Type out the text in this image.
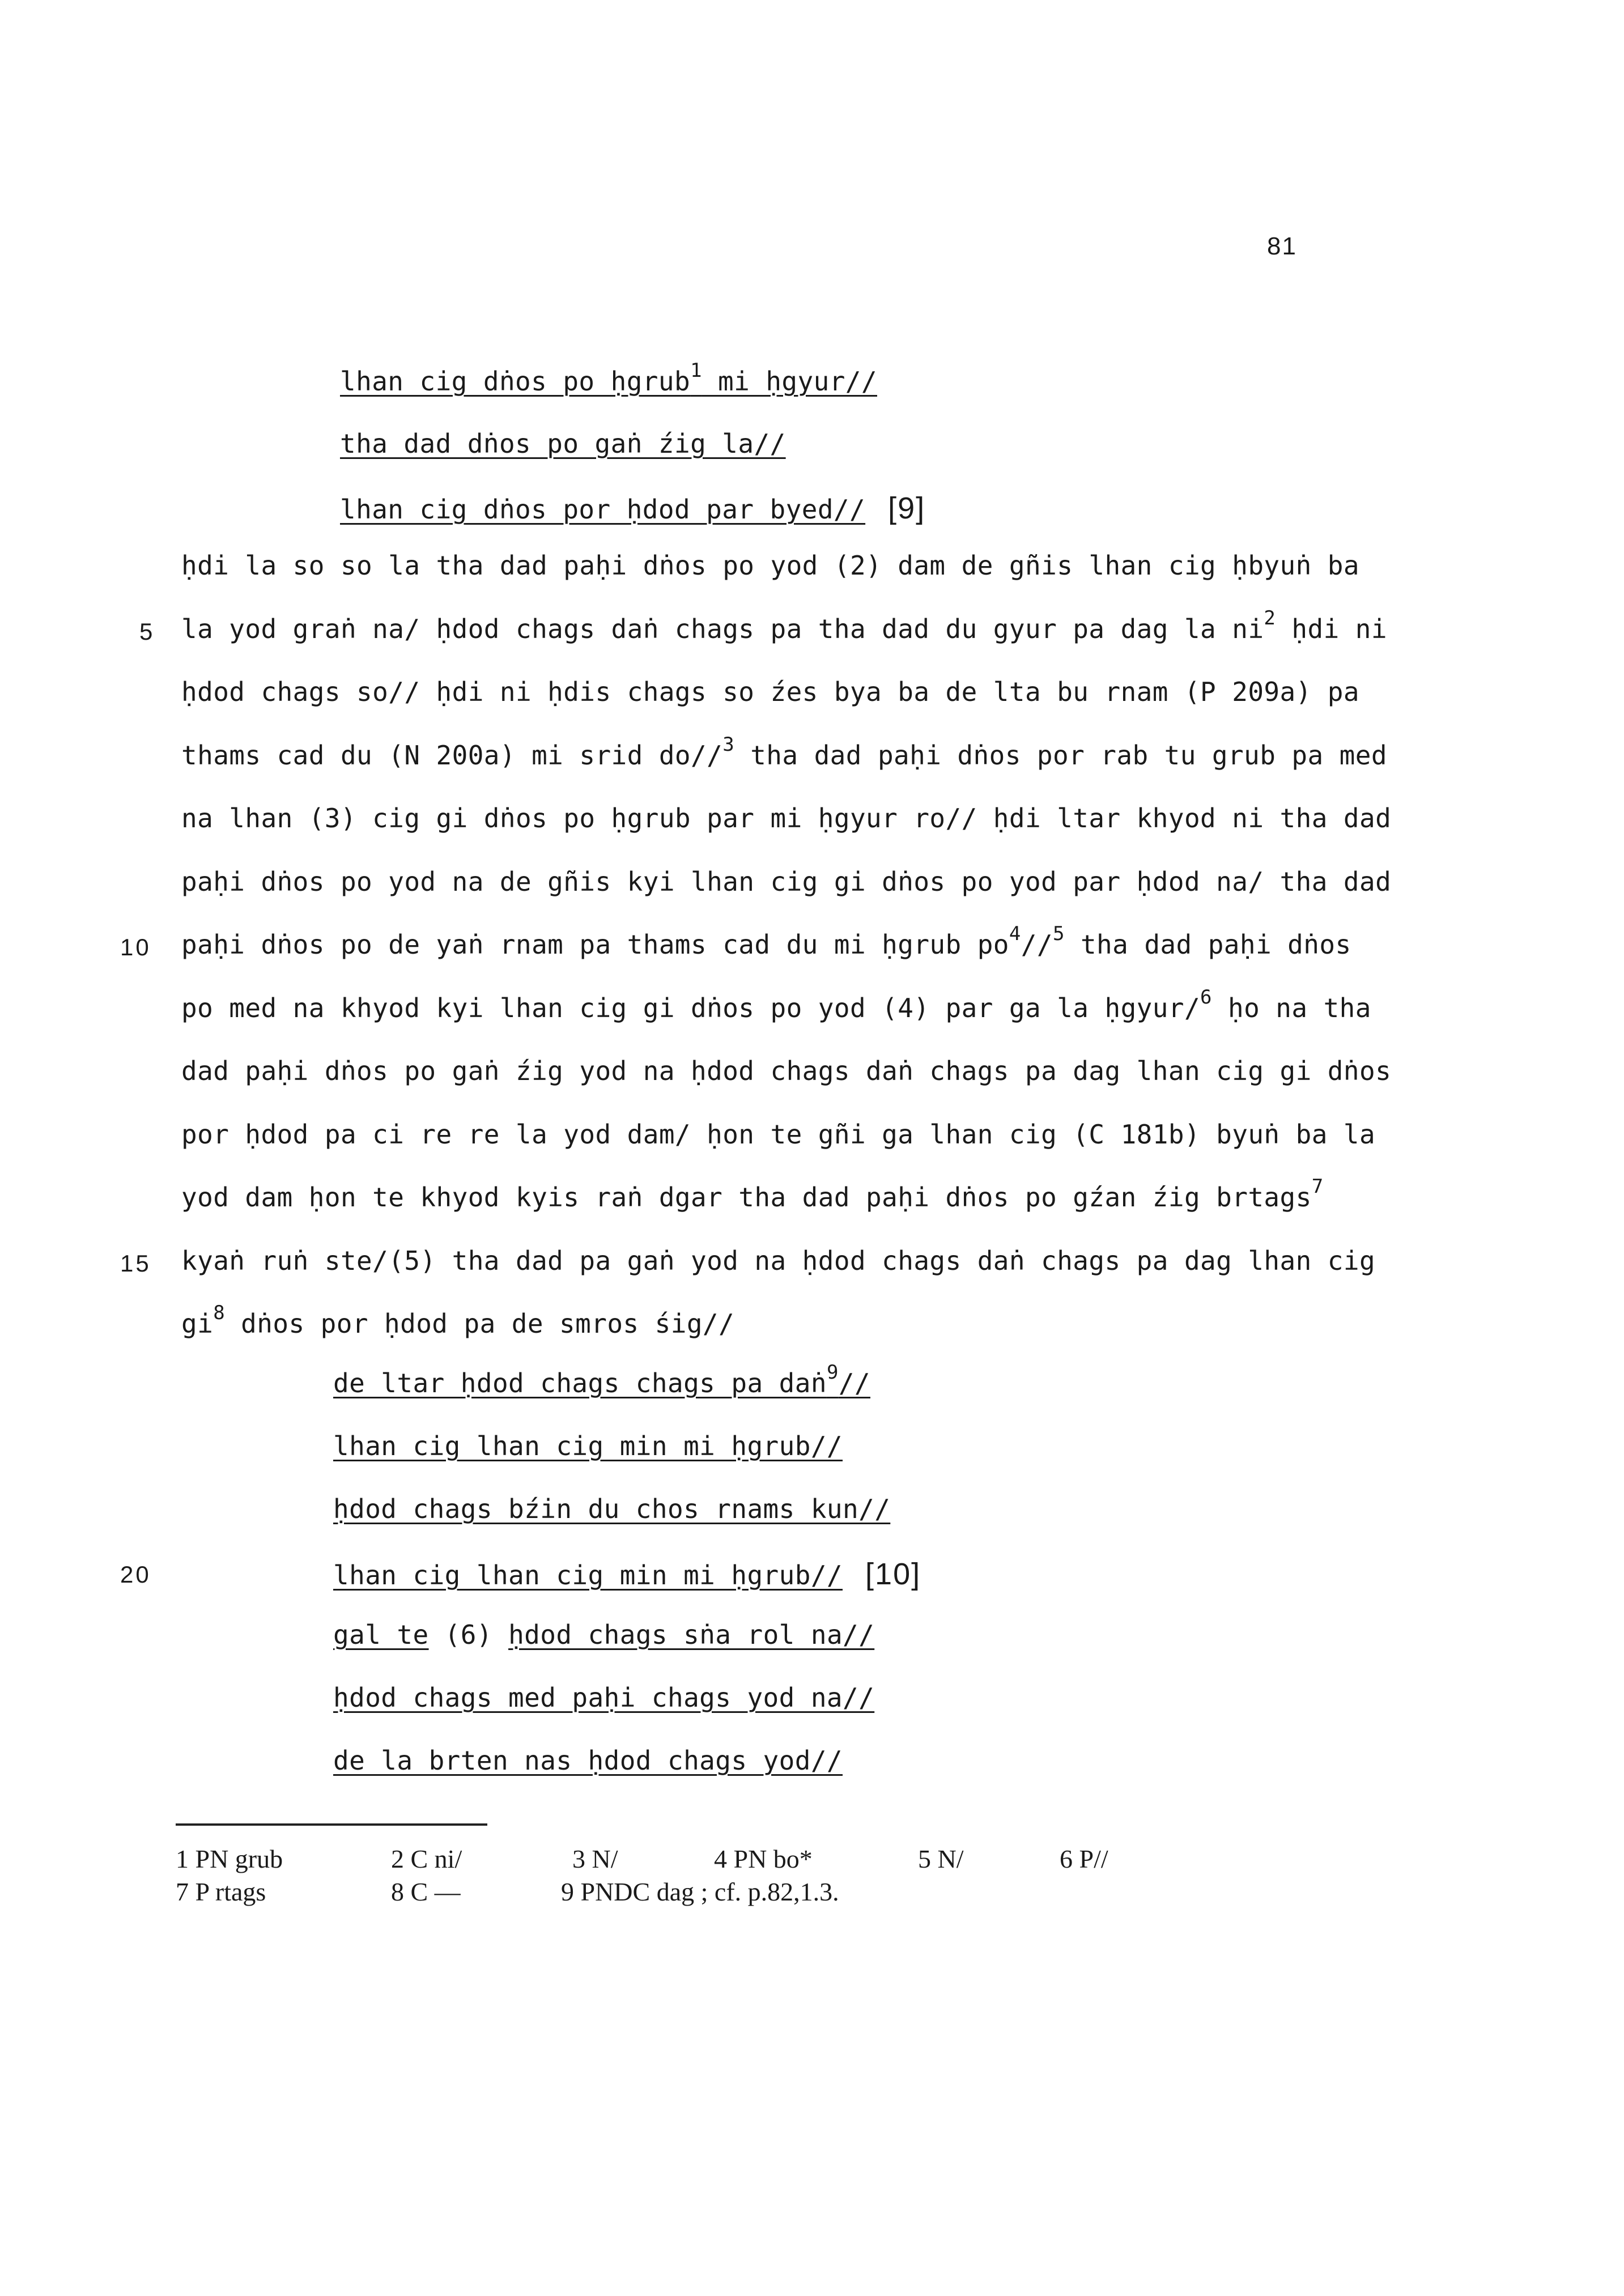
81
lhan cig dṅos po ḥgrub$^1$ mi ḥgyur//
tha dad dṅos po gaṅ źig la//
lhan cig dṅos por ḥdod par byed// [9]
ḥdi la so so la tha dad paḥi dṅos po yod (2) dam de gñis lhan cig ḥbyuṅ ba
5 la yod graṅ na/ ḥdod chags daṅ chags pa tha dad du gyur pa dag la ni$^2$ ḥdi ni
ḥdod chags so// ḥdi ni ḥdis chags so źes bya ba de lta bu rnam (P 209a) pa
thams cad du (N 200a) mi srid do//$^3$ tha dad paḥi dṅos por rab tu grub pa med
na lhan (3) cig gi dṅos po ḥgrub par mi ḥgyur ro// ḥdi ltar khyod ni tha dad
paḥi dṅos po yod na de gñis kyi lhan cig gi dṅos po yod par ḥdod na/ tha dad
10 paḥi dṅos po de yaṅ rnam pa thams cad du mi ḥgrub po$^4$//$^5$ tha dad paḥi dṅos
po med na khyod kyi lhan cig gi dṅos po yod (4) par ga la ḥgyur/$^6$ ḥo na tha
dad paḥi dṅos po gaṅ źig yod na ḥdod chags daṅ chags pa dag lhan cig gi dṅos
por ḥdod pa ci re re la yod dam/ ḥon te gñi ga lhan cig (C 181b) byuṅ ba la
yod dam ḥon te khyod kyis raṅ dgar tha dad paḥi dṅos po gźan źig brtags$^7$
15 kyaṅ ruṅ ste/(5) tha dad pa gaṅ yod na ḥdod chags daṅ chags pa dag lhan cig
gi$^8$ dṅos por ḥdod pa de smros śig//
de ltar ḥdod chags chags pa daṅ$^9$//
lhan cig lhan cig min mi ḥgrub//
ḥdod chags bźin du chos rnams kun//
20	lhan cig lhan cig min mi ḥgrub// [10]
gal te (6) ḥdod chags sṅa rol na//
ḥdod chags med paḥi chags yod na//
de la brten nas ḥdod chags yod//

1 PN grub

	2 C ni/

	3 N/

	4 PN bo*

	5 N/

	6 P//

7 P rtags

	8 C —

	9 PNDC dag ; cf. p.82,1.3.
